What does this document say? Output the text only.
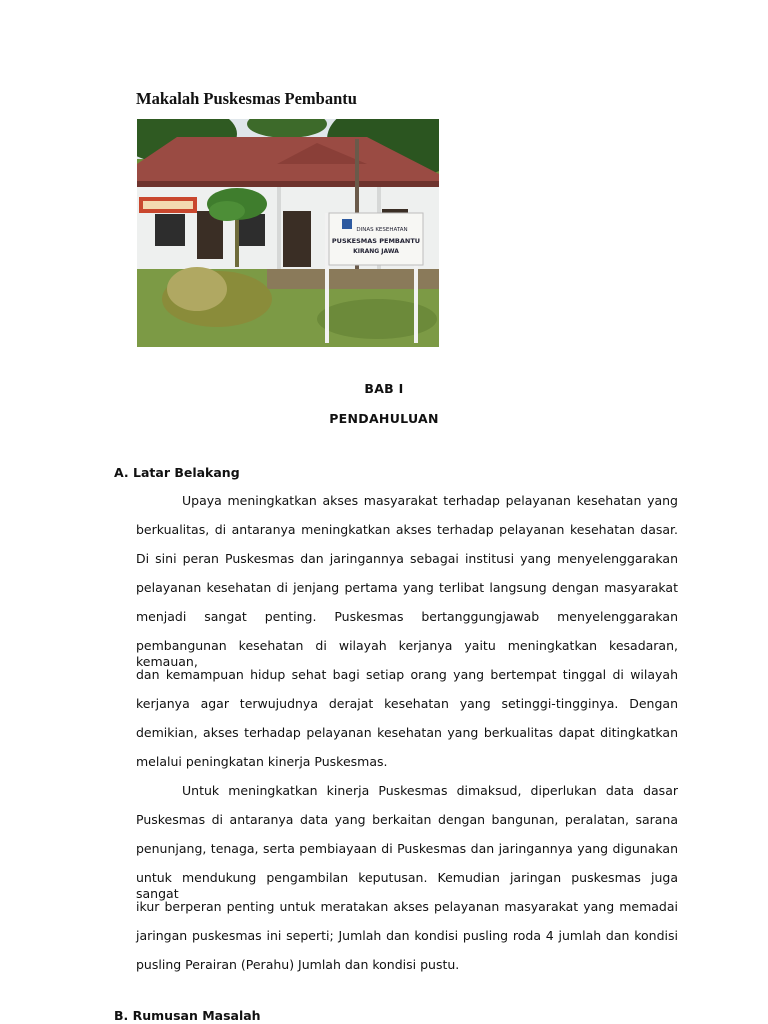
Makalah Puskesmas Pembantu
DINAS KESEHATAN
PUSKESMAS PEMBANTU
KIRANG JAWA
BAB I
PENDAHULUAN
A. Latar Belakang
Upaya meningkatkan akses masyarakat terhadap pelayanan kesehatan yang
berkualitas, di antaranya meningkatkan akses terhadap pelayanan kesehatan dasar.
Di sini peran Puskesmas dan jaringannya sebagai institusi yang menyelenggarakan
pelayanan kesehatan di jenjang pertama yang terlibat langsung dengan masyarakat
menjadi sangat penting. Puskesmas bertanggungjawab menyelenggarakan
pembangunan kesehatan di wilayah kerjanya yaitu meningkatkan kesadaran, kemauan,
dan kemampuan hidup sehat bagi setiap orang yang bertempat tinggal di wilayah
kerjanya agar terwujudnya derajat kesehatan yang setinggi-tingginya. Dengan
demikian, akses terhadap pelayanan kesehatan yang berkualitas dapat ditingkatkan
melalui peningkatan kinerja Puskesmas.
Untuk meningkatkan kinerja Puskesmas dimaksud, diperlukan data dasar
Puskesmas di antaranya data yang berkaitan dengan bangunan, peralatan, sarana
penunjang, tenaga, serta pembiayaan di Puskesmas dan jaringannya yang digunakan
untuk mendukung pengambilan keputusan. Kemudian jaringan puskesmas juga sangat
ikur berperan penting untuk meratakan akses pelayanan masyarakat yang memadai
jaringan puskesmas ini seperti; Jumlah dan kondisi pusling roda 4 jumlah dan kondisi
pusling Perairan (Perahu) Jumlah dan kondisi pustu.
B. Rumusan Masalah
